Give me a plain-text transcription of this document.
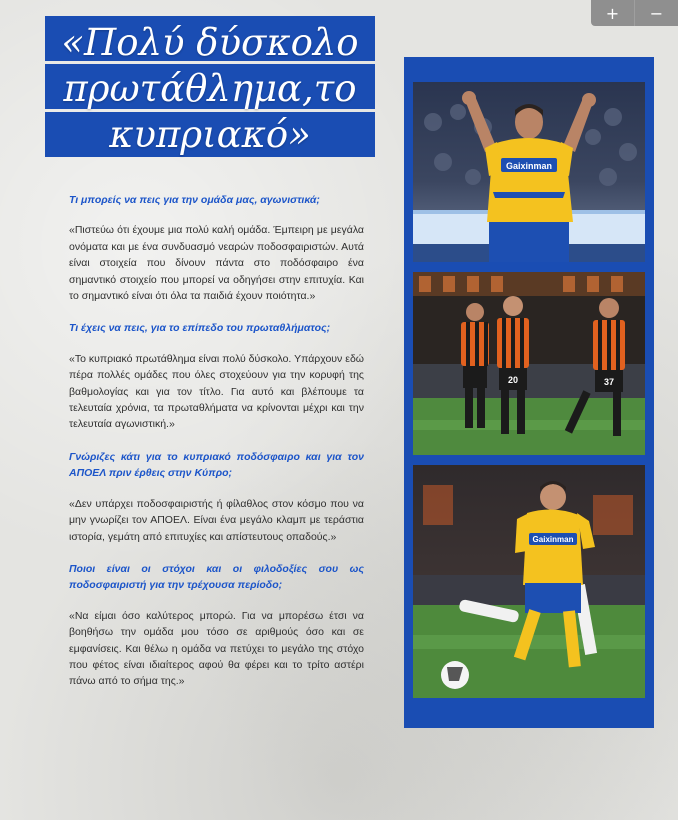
+	−
«Πολύ δύσκολο
πρωτάθλημα,το
κυπριακό»

Τι μπορείς να πεις για την ομάδα μας, αγωνιστικά;

«Πιστεύω ότι έχουμε μια πολύ καλή ομάδα. Έμπειρη με μεγάλα ονόματα και με ένα συνδυασμό νεαρών ποδοσφαιριστών. Αυτά είναι στοιχεία που δίνουν πάντα στο ποδόσφαιρο ένα σημαντικό στοιχείο που μπορεί να οδηγήσει στην επιτυχία. Και το σημαντικό είναι ότι όλα τα παιδιά έχουν ποιότητα.»

Τι έχεις να πεις, για το επίπεδο του πρωταθλήματος;

«Το κυπριακό πρωτάθλημα είναι πολύ δύσκολο. Υπάρχουν εδώ πέρα πολλές ομάδες που όλες στοχεύουν για την κορυφή της βαθμολογίας και για τον τίτλο. Για αυτό και βλέπουμε τα τελευταία χρόνια, τα πρωταθλήματα να κρίνονται μέχρι και την τελευταία αγωνιστική.»

Γνώριζες κάτι για το κυπριακό ποδόσφαιρο και για τον ΑΠΟΕΛ πριν έρθεις στην Κύπρο;

«Δεν υπάρχει ποδοσφαιριστής ή φίλαθλος στον κόσμο που να μην γνωρίζει τον ΑΠΟΕΛ. Είναι ένα μεγάλο κλαμπ με τεράστια ιστορία, γεμάτη από επιτυχίες και απίστευτους οπαδούς.»

Ποιοι είναι οι στόχοι και οι φιλοδοξίες σου ως ποδοσφαιριστή για την τρέχουσα περίοδο;

«Να είμαι όσο καλύτερος μπορώ. Για να μπορέσω έτσι να βοηθήσω την ομάδα μου τόσο σε αριθμούς όσο και σε εμφανίσεις. Και θέλω η ομάδα να πετύχει το μεγάλο της στόχο που φέτος είναι ιδιαίτερος αφού θα φέρει και το τρίτο αστέρι πάνω από το σήμα της.»

Gaixinman
20	37
Gaixinman
